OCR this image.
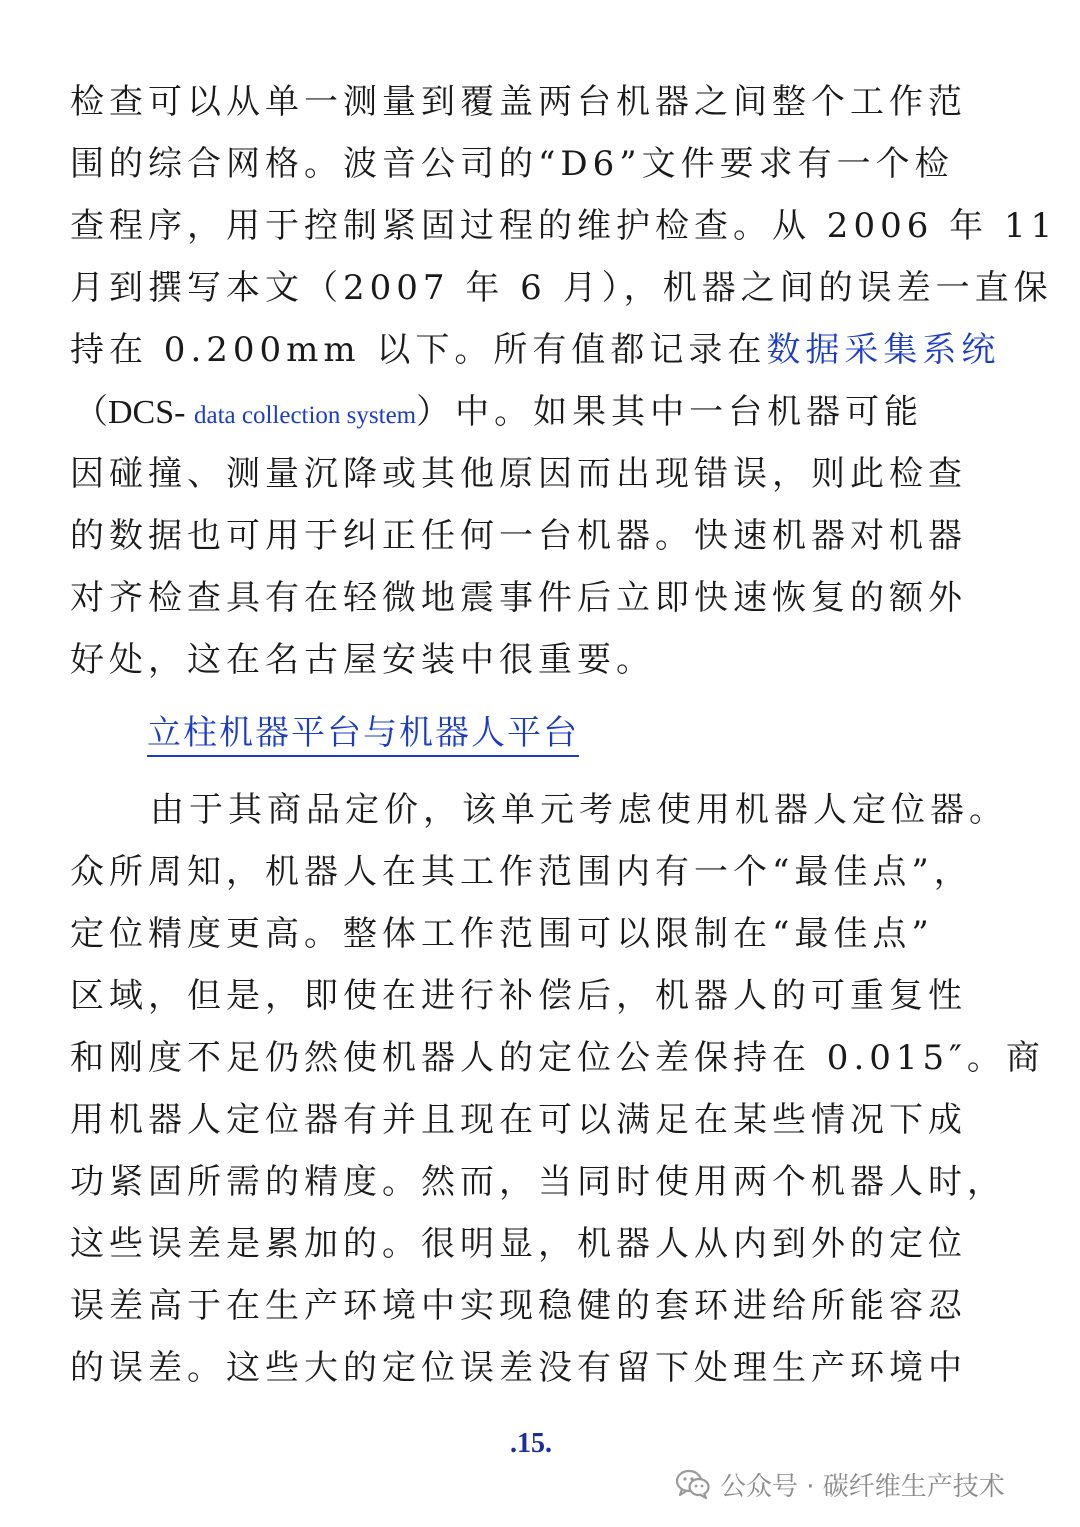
检查可以从单一测量到覆盖两台机器之间整个工作范
围的综合网格。波音公司的“D6”文件要求有一个检
查程序，用于控制紧固过程的维护检查。从 2006 年 11
月到撰写本文（2007 年 6 月），机器之间的误差一直保
持在 0.200mm 以下。所有值都记录在数据采集系统
（DCS- data collection system）中。如果其中一台机器可能
因碰撞、测量沉降或其他原因而出现错误，则此检查
的数据也可用于纠正任何一台机器。快速机器对机器
对齐检查具有在轻微地震事件后立即快速恢复的额外
好处，这在名古屋安装中很重要。
立柱机器平台与机器人平台
由于其商品定价，该单元考虑使用机器人定位器。
众所周知，机器人在其工作范围内有一个“最佳点”，
定位精度更高。整体工作范围可以限制在“最佳点”
区域，但是，即使在进行补偿后，机器人的可重复性
和刚度不足仍然使机器人的定位公差保持在 0.015″。商
用机器人定位器有并且现在可以满足在某些情况下成
功紧固所需的精度。然而，当同时使用两个机器人时，
这些误差是累加的。很明显，机器人从内到外的定位
误差高于在生产环境中实现稳健的套环进给所能容忍
的误差。这些大的定位误差没有留下处理生产环境中
.15.
公众号 · 碳纤维生产技术
